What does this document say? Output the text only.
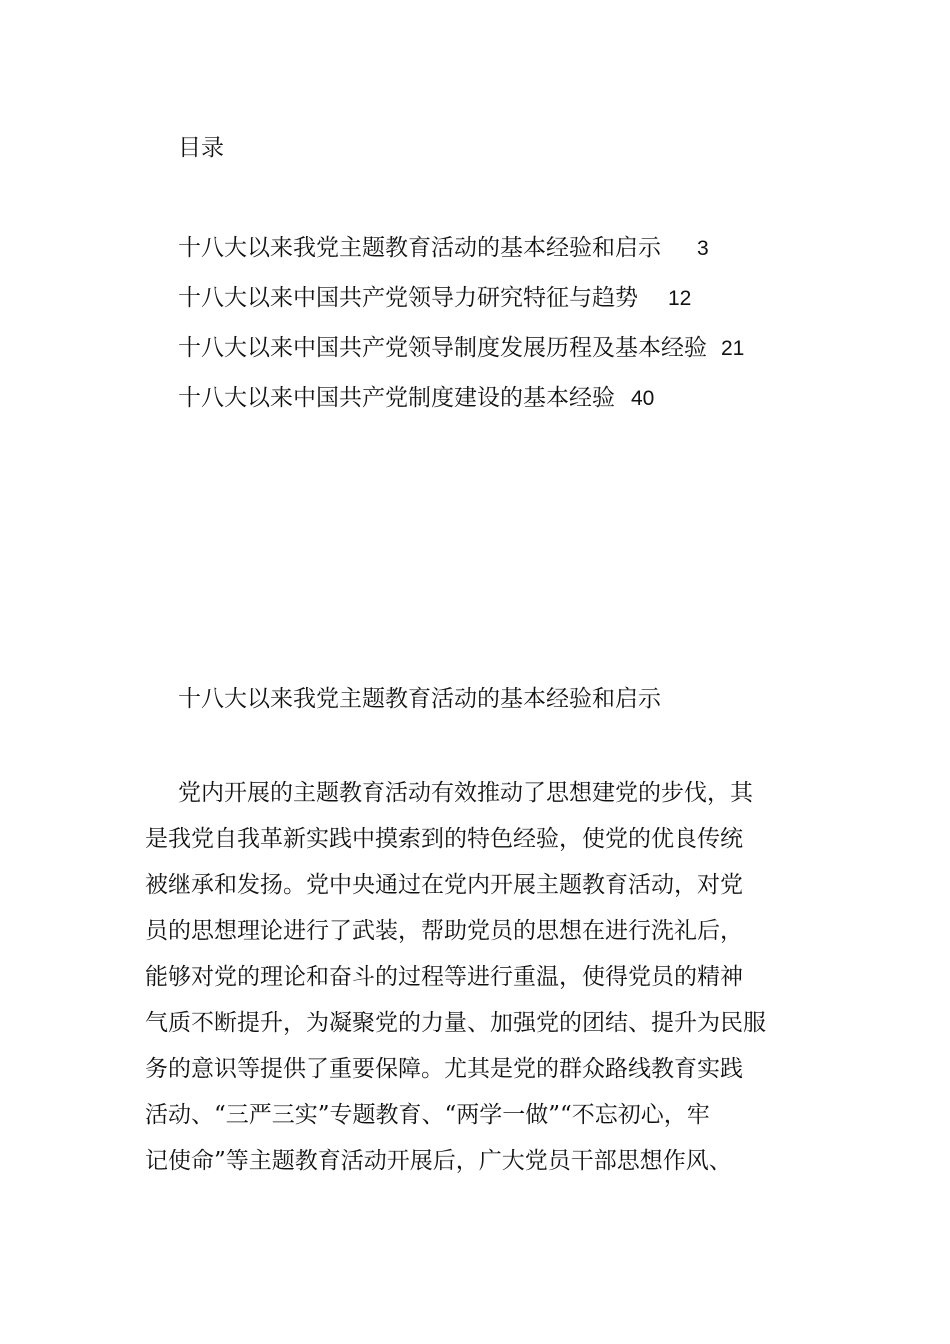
目录
十八大以来我党主题教育活动的基本经验和启示 3
十八大以来中国共产党领导力研究特征与趋势 12
十八大以来中国共产党领导制度发展历程及基本经验 21
十八大以来中国共产党制度建设的基本经验 40
十八大以来我党主题教育活动的基本经验和启示
党内开展的主题教育活动有效推动了思想建党的步伐，其
是我党自我革新实践中摸索到的特色经验，使党的优良传统
被继承和发扬。党中央通过在党内开展主题教育活动，对党
员的思想理论进行了武装，帮助党员的思想在进行洗礼后，
能够对党的理论和奋斗的过程等进行重温，使得党员的精神
气质不断提升，为凝聚党的力量、加强党的团结、提升为民服
务的意识等提供了重要保障。尤其是党的群众路线教育实践
活动、“三严三实”专题教育、“两学一做”“不忘初心，牢
记使命”等主题教育活动开展后，广大党员干部思想作风、
